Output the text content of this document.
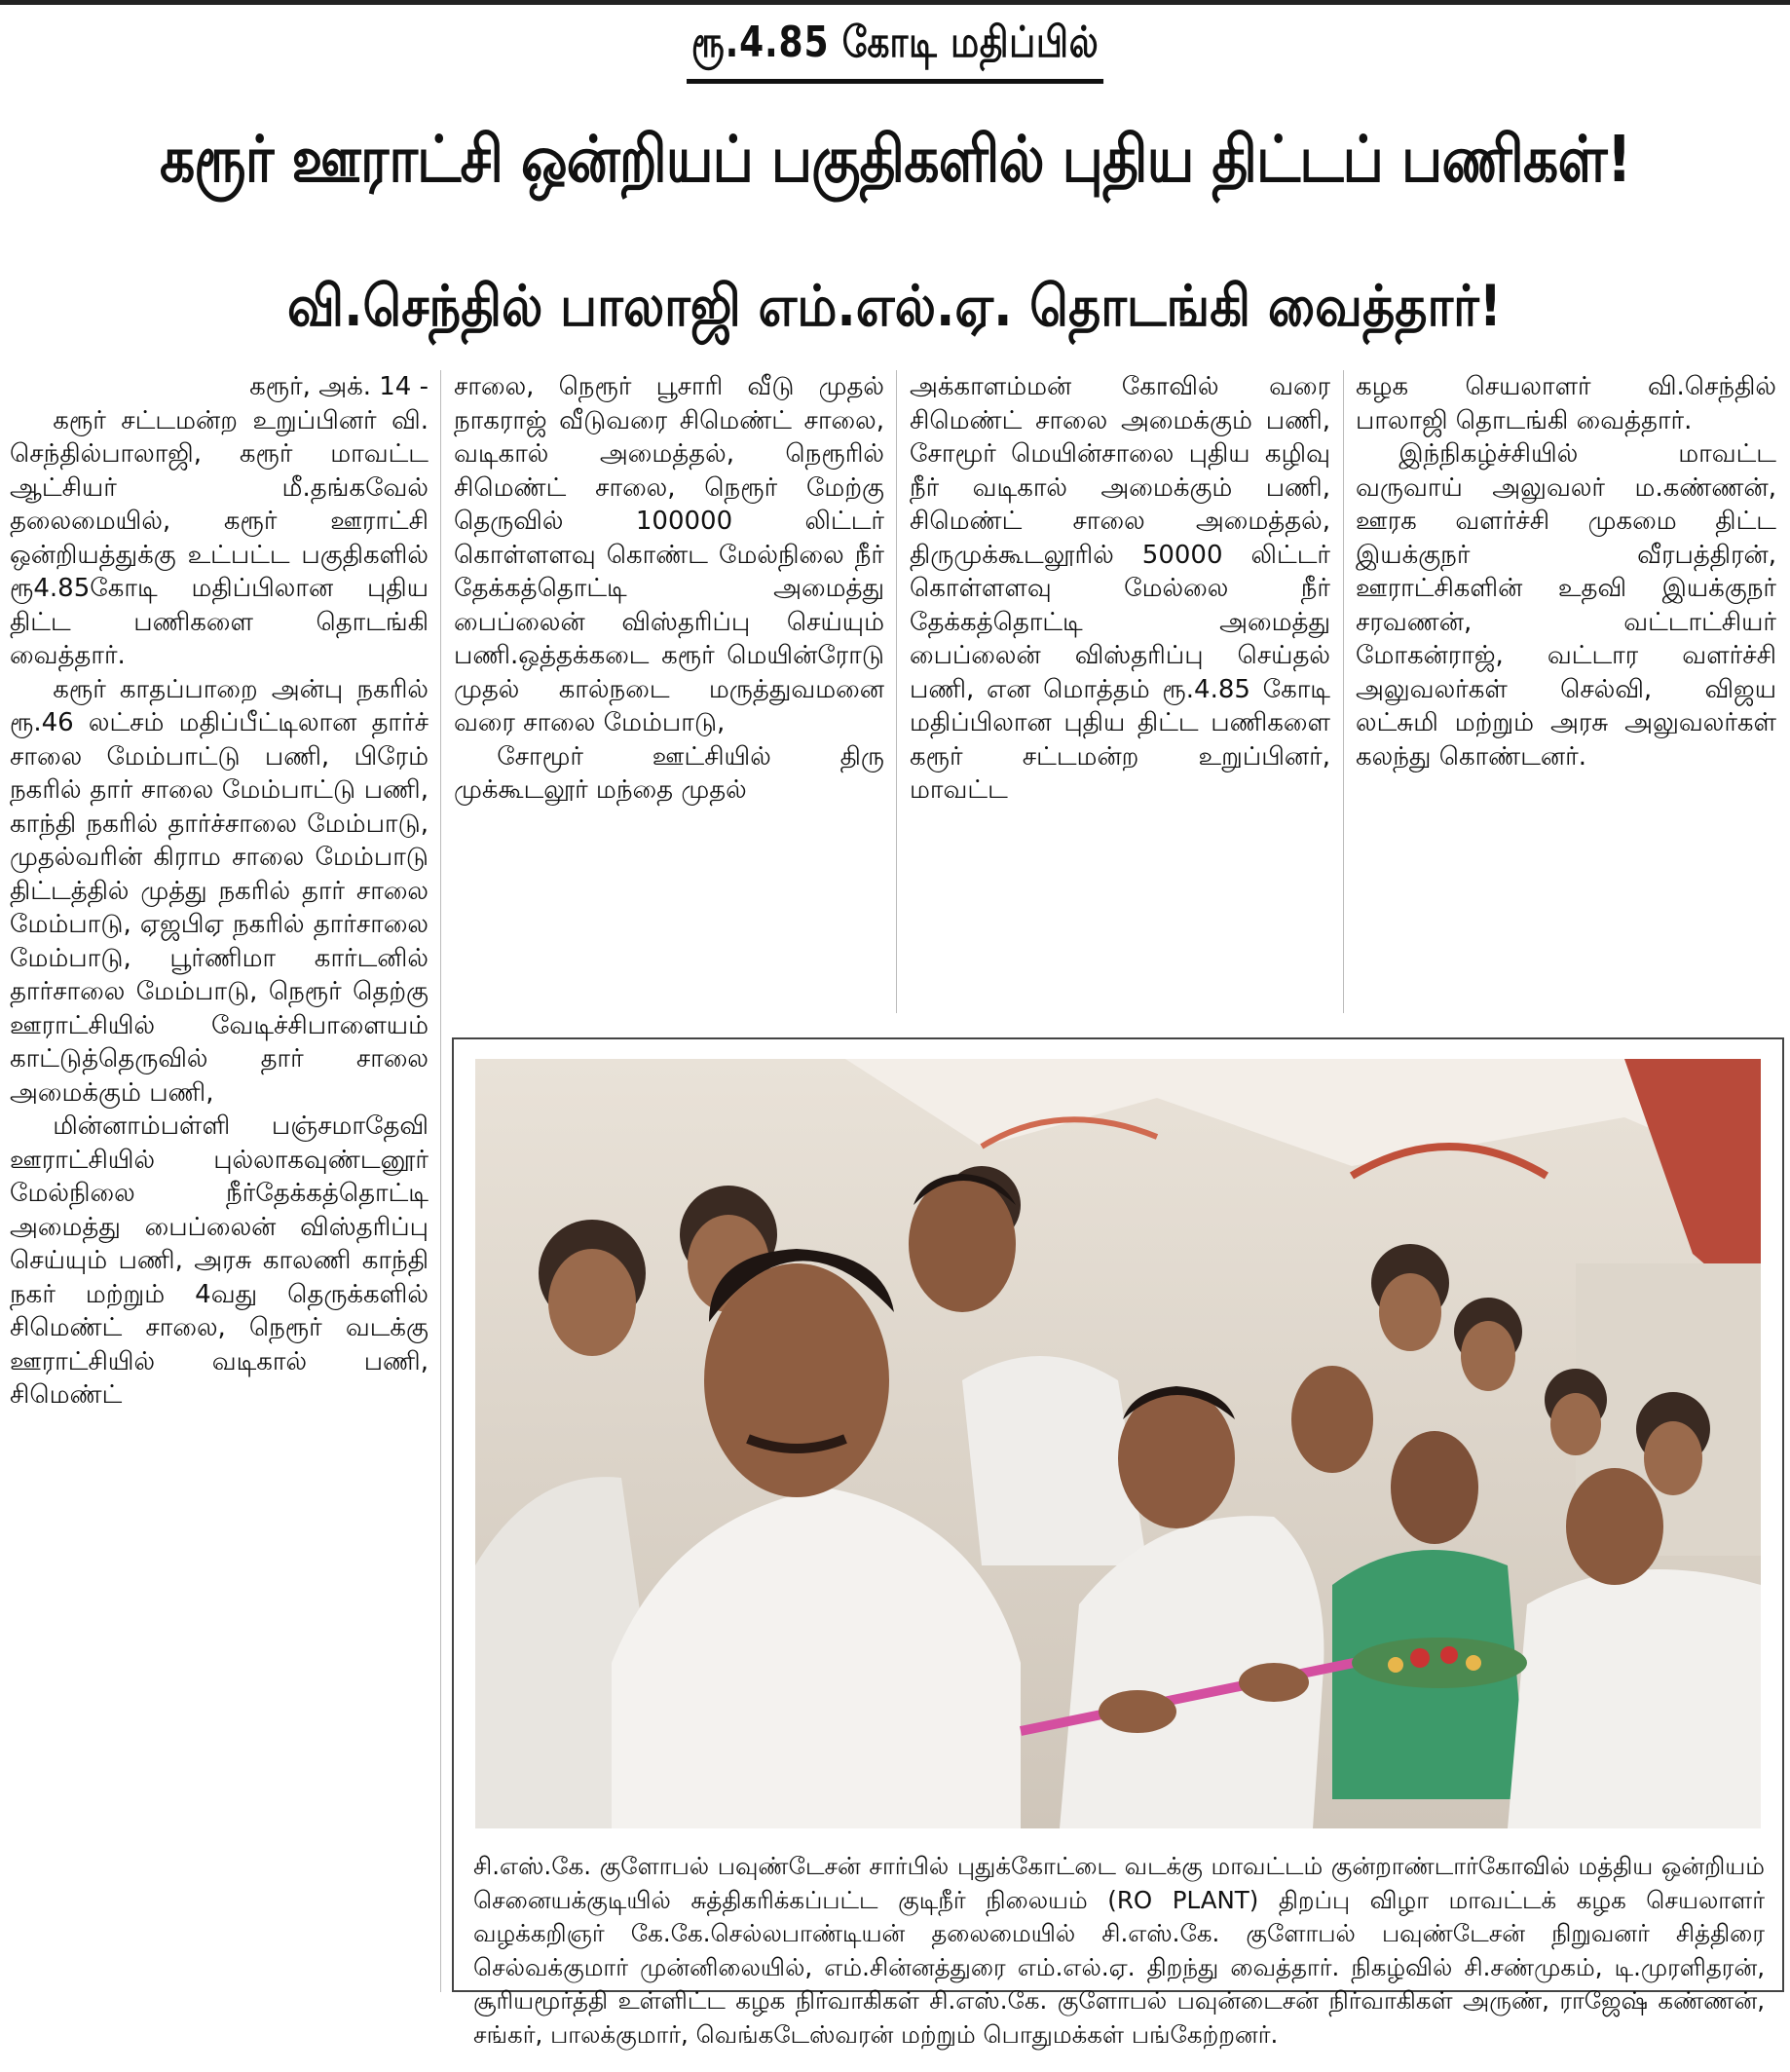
ரூ.4.85 கோடி மதிப்பில்
கரூர் ஊராட்சி ஒன்றியப் பகுதிகளில் புதிய திட்டப் பணிகள்!
வி.செந்தில் பாலாஜி எம்.எல்.ஏ. தொடங்கி வைத்தார்!

கரூர், அக். 14 -

கரூர் சட்டமன்ற உறுப்பினர் வி. செந்தில்பாலாஜி, கரூர் மாவட்ட ஆட்சியர் மீ.தங்கவேல் தலைமையில், கரூர் ஊராட்சி ஒன்றியத்துக்கு உட்பட்ட பகுதிகளில் ரூ4.85கோடி மதிப்பிலான புதிய திட்ட பணிகளை தொடங்கி வைத்தார்.

கரூர் காதப்பாறை அன்பு நகரில் ரூ.46 லட்சம் மதிப்பீட்டிலான தார்ச் சாலை மேம்பாட்டு பணி, பிரேம் நகரில் தார் சாலை மேம்பாட்டு பணி, காந்தி நகரில் தார்ச்சாலை மேம்பாடு, முதல்வரின் கிராம சாலை மேம்பாடு திட்டத்தில் முத்து நகரில் தார் சாலை மேம்பாடு, ஏஜபிஏ நகரில் தார்சாலை மேம்பாடு, பூர்ணிமா கார்டனில் தார்சாலை மேம்பாடு, நெரூர் தெற்கு ஊராட்சியில் வேடிச்சிபாளையம் காட்டுத்தெருவில் தார் சாலை அமைக்கும் பணி,

மின்னாம்பள்ளி பஞ்சமாதேவி ஊராட்சியில் புல்லாகவுண்டனூர் மேல்நிலை நீர்தேக்கத்தொட்டி அமைத்து பைப்லைன் விஸ்தரிப்பு செய்யும் பணி, அரசு காலணி காந்தி நகர் மற்றும் 4வது தெருக்களில் சிமெண்ட் சாலை, நெரூர் வடக்கு ஊராட்சியில் வடிகால் பணி, சிமெண்ட்

சாலை, நெரூர் பூசாரி வீடு முதல் நாகராஜ் வீடுவரை சிமெண்ட் சாலை, வடிகால் அமைத்தல், நெரூரில் சிமெண்ட் சாலை, நெரூர் மேற்கு தெருவில் 100000 லிட்டர் கொள்ளளவு கொண்ட மேல்நிலை நீர் தேக்கத்தொட்டி அமைத்து பைப்லைன் விஸ்தரிப்பு செய்யும் பணி.ஒத்தக்கடை கரூர் மெயின்ரோடு முதல் கால்நடை மருத்துவமனை வரை சாலை மேம்பாடு,

சோமூர் ஊட்சியில் திரு முக்கூடலூர் மந்தை முதல்

அக்காளம்மன் கோவில் வரை சிமெண்ட் சாலை அமைக்கும் பணி, சோமூர் மெயின்சாலை புதிய கழிவு நீர் வடிகால் அமைக்கும் பணி, சிமெண்ட் சாலை அமைத்தல், திருமுக்கூடலூரில் 50000 லிட்டர் கொள்ளளவு மேல்லை நீர் தேக்கத்தொட்டி அமைத்து பைப்லைன் விஸ்தரிப்பு செய்தல் பணி, என மொத்தம் ரூ.4.85 கோடி மதிப்பிலான புதிய திட்ட பணிகளை கரூர் சட்டமன்ற உறுப்பினர், மாவட்ட

கழக செயலாளர் வி.செந்தில் பாலாஜி தொடங்கி வைத்தார்.

இந்நிகழ்ச்சியில் மாவட்ட வருவாய் அலுவலர் ம.கண்ணன், ஊரக வளர்ச்சி முகமை திட்ட இயக்குநர் வீரபத்திரன், ஊராட்சிகளின் உதவி இயக்குநர் சரவணன், வட்டாட்சியர் மோகன்ராஜ், வட்டார வளர்ச்சி அலுவலர்கள் செல்வி, விஜய லட்சுமி மற்றும் அரசு அலுவலர்கள் கலந்து கொண்டனர்.

சி.எஸ்.கே. குளோபல் பவுண்டேசன் சார்பில் புதுக்கோட்டை வடக்கு மாவட்டம் குன்றாண்டார்கோவில் மத்திய ஒன்றியம் செனையக்குடியில் சுத்திகரிக்கப்பட்ட குடிநீர் நிலையம் (RO PLANT) திறப்பு விழா மாவட்டக் கழக செயலாளர் வழக்கறிஞர் கே.கே.செல்லபாண்டியன் தலைமையில் சி.எஸ்.கே. குளோபல் பவுண்டேசன் நிறுவனர் சித்திரை செல்வக்குமார் முன்னிலையில், எம்.சின்னத்துரை எம்.எல்.ஏ. திறந்து வைத்தார். நிகழ்வில் சி.சண்முகம், டி.முரளிதரன், சூரியமூர்த்தி உள்ளிட்ட கழக நிர்வாகிகள் சி.எஸ்.கே. குளோபல் பவுன்டைசன் நிர்வாகிகள் அருண், ராஜேஷ் கண்ணன், சங்கர், பாலக்குமார், வெங்கடேஸ்வரன் மற்றும் பொதுமக்கள் பங்கேற்றனர்.
